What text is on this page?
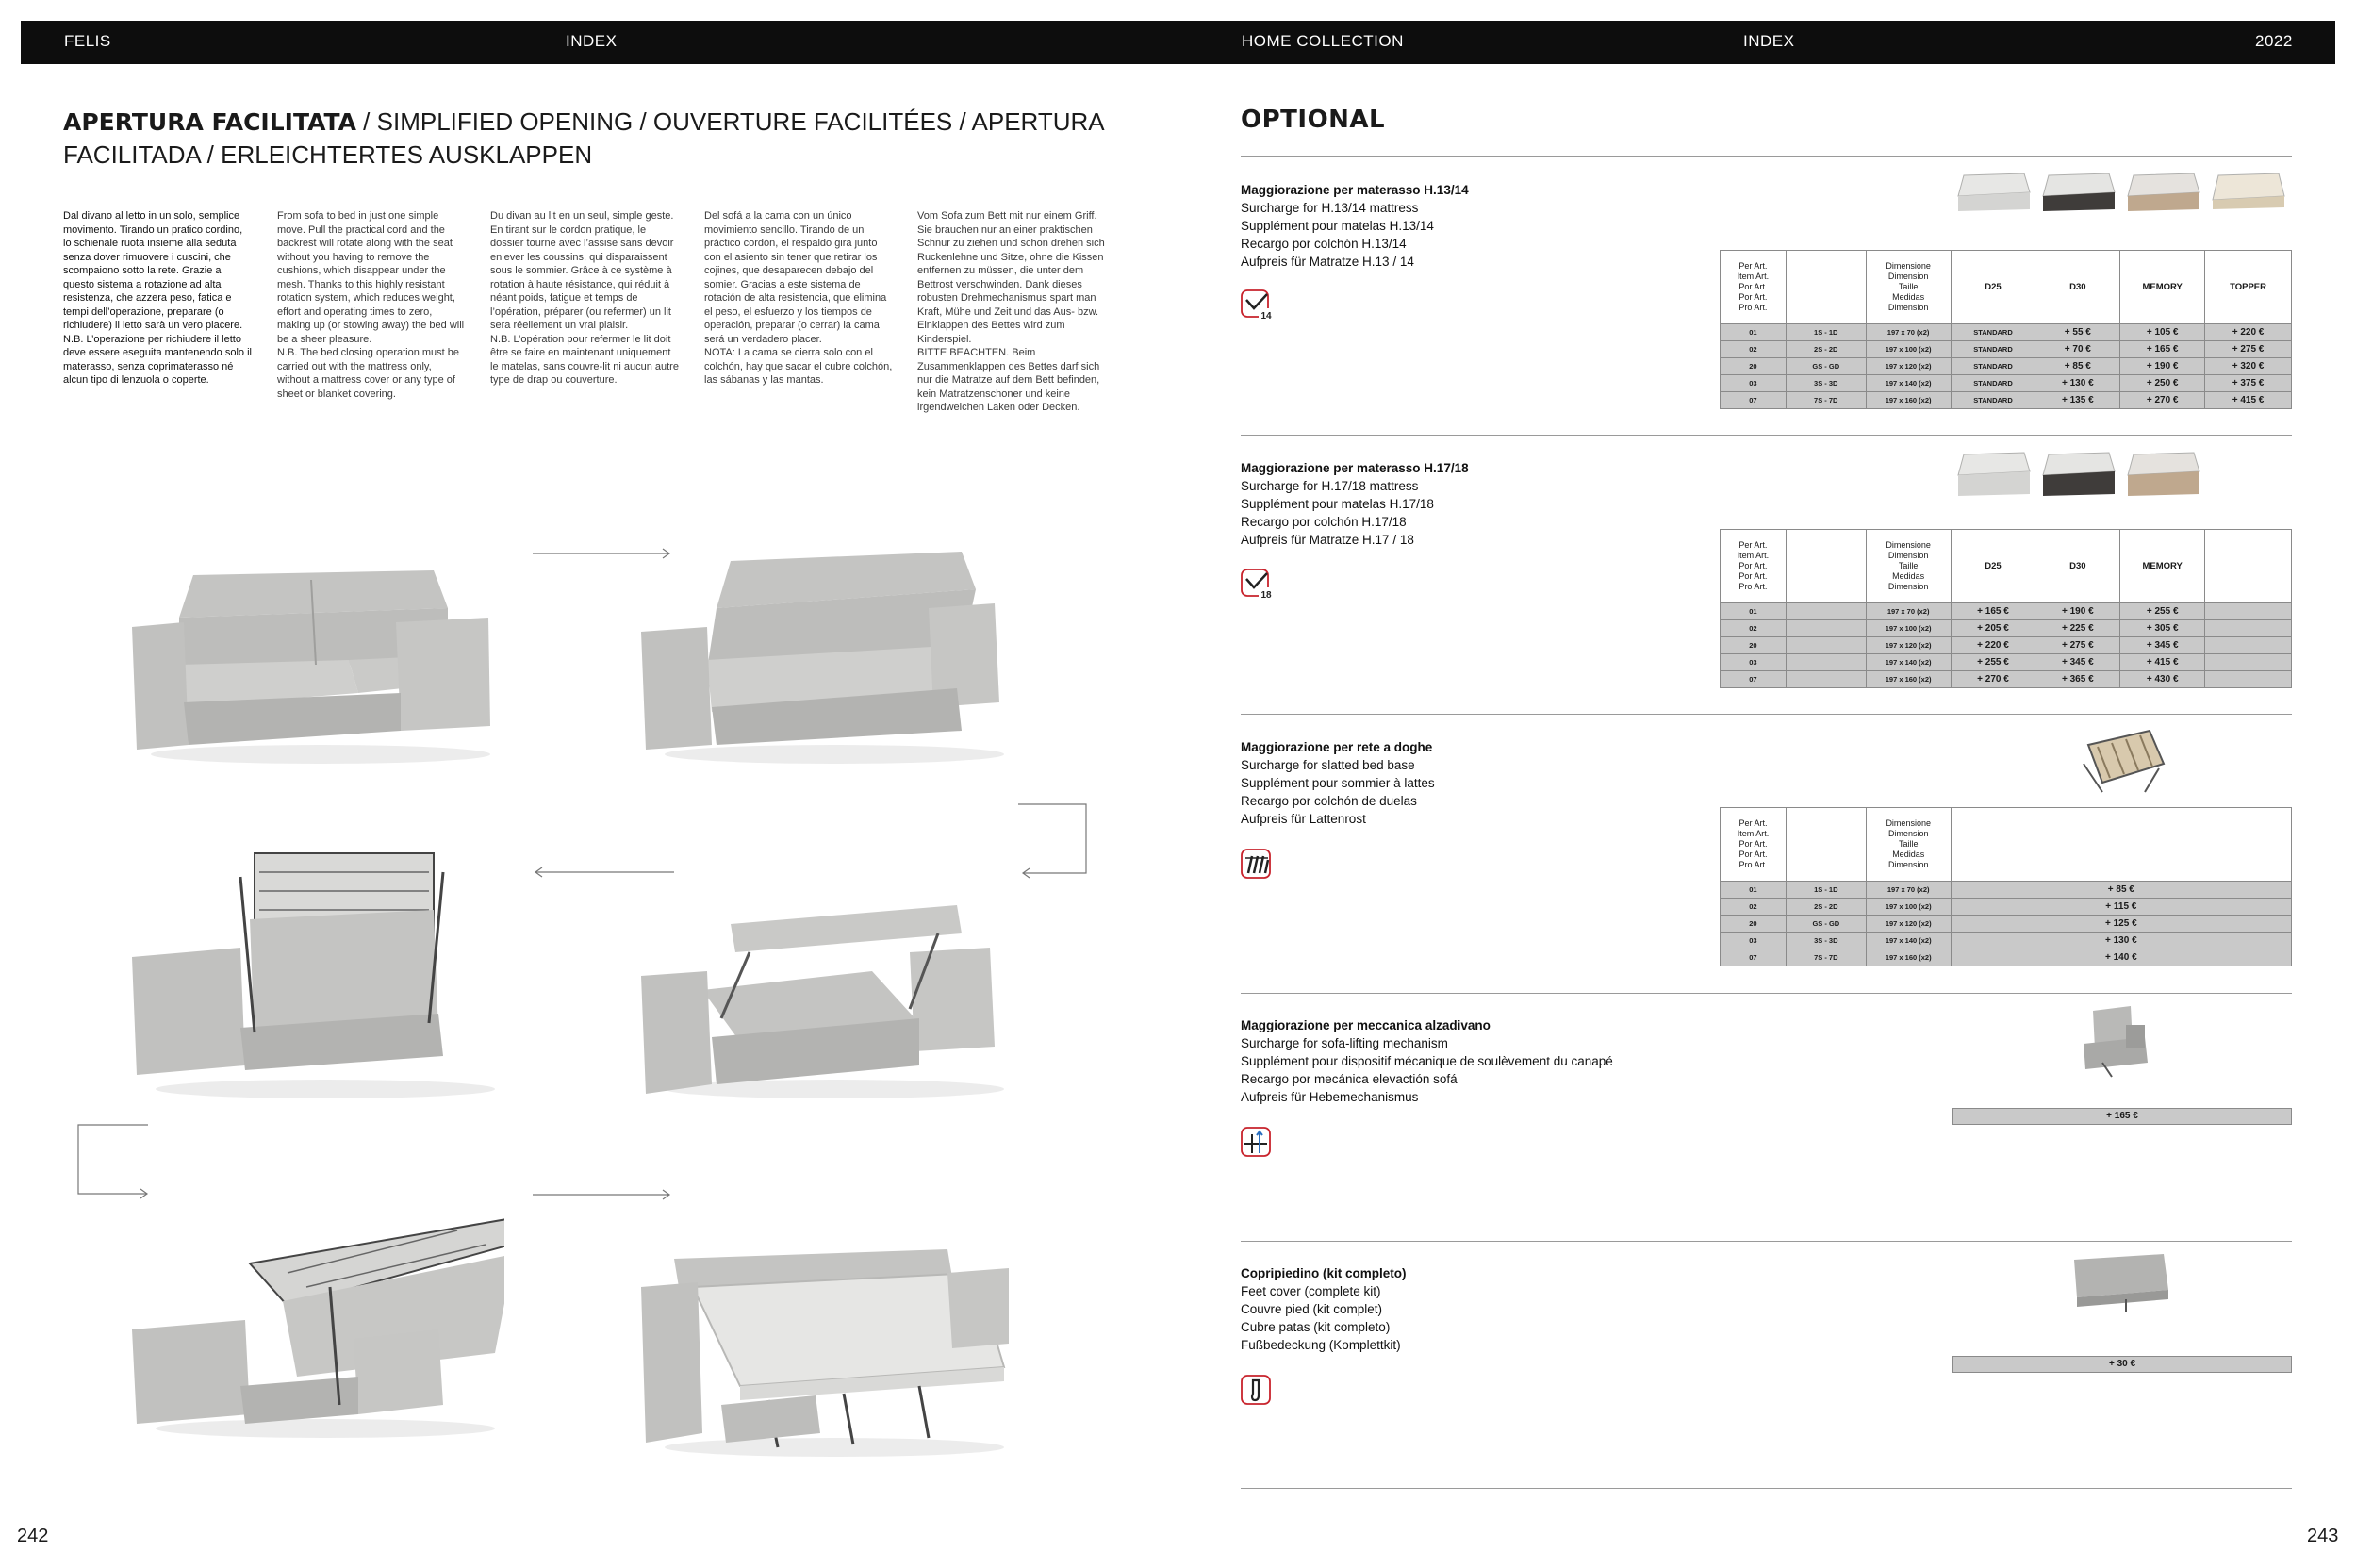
FELIS	INDEX	HOME COLLECTION	INDEX	2022
APERTURA FACILITATA / SIMPLIFIED OPENING / OUVERTURE FACILITÉES / APERTURA FACILITADA / ERLEICHTERTES AUSKLAPPEN
Dal divano al letto in un solo, semplice movimento. Tirando un pratico cordino, lo schienale ruota insieme alla seduta senza dover rimuovere i cuscini, che scompaiono sotto la rete. Grazie a questo sistema a rotazione ad alta resistenza, che azzera peso, fatica e tempi dell’operazione, preparare (o richiudere) il letto sarà un vero piacere.
N.B. L’operazione per richiudere il letto deve essere eseguita mantenendo solo il materasso, senza coprimaterasso né alcun tipo di lenzuola o coperte.
From sofa to bed in just one simple move. Pull the practical cord and the backrest will rotate along with the seat without you having to remove the cushions, which disappear under the mesh. Thanks to this highly resistant rotation system, which reduces weight, effort and operating times to zero, making up (or stowing away) the bed will be a sheer pleasure.
N.B. The bed closing operation must be carried out with the mattress only, without a mattress cover or any type of sheet or blanket covering.
Du divan au lit en un seul, simple geste. En tirant sur le cordon pratique, le dossier tourne avec l’assise sans devoir enlever les coussins, qui disparaissent sous le sommier. Grâce à ce système à rotation à haute résistance, qui réduit à néant poids, fatigue et temps de l’opération, préparer (ou refermer) un lit sera réellement un vrai plaisir.
N.B. L’opération pour refermer le lit doit être se faire en maintenant uniquement le matelas, sans couvre-lit ni aucun autre type de drap ou couverture.
Del sofá a la cama con un único movimiento sencillo. Tirando de un práctico cordón, el respaldo gira junto con el asiento sin tener que retirar los cojines, que desaparecen debajo del somier. Gracias a este sistema de rotación de alta resistencia, que elimina el peso, el esfuerzo y los tiempos de operación, preparar (o cerrar) la cama será un verdadero placer.
NOTA: La cama se cierra solo con el colchón, hay que sacar el cubre colchón, las sábanas y las mantas.
Vom Sofa zum Bett mit nur einem Griff. Sie brauchen nur an einer praktischen Schnur zu ziehen und schon drehen sich Ruckenlehne und Sitze, ohne die Kissen entfernen zu müssen, die unter dem Bettrost verschwinden. Dank dieses robusten Drehmechanismus spart man Kraft, Mühe und Zeit und das Aus- bzw. Einklappen des Bettes wird zum Kinderspiel.
BITTE BEACHTEN. Beim Zusammenklappen des Bettes darf sich nur die Matratze auf dem Bett befinden, kein Matratzenschoner und keine irgendwelchen Laken oder Decken.
242
OPTIONAL

Maggiorazione per materasso H.13/14
Surcharge for H.13/14 mattress
Supplément pour matelas H.13/14
Recargo por colchón H.13/14
Aufpreis für Matratze H.13 / 14

14
Per Art.
Item Art.
Por Art.
Por Art.
Pro Art.		Dimensione
Dimension
Taille
Medidas
Dimension	D25	D30	MEMORY	TOPPER
01	1S - 1D	197 x 70 (x2)	STANDARD	+ 55 €	+ 105 €	+ 220 €
02	2S - 2D	197 x 100 (x2)	STANDARD	+ 70 €	+ 165 €	+ 275 €
20	GS - GD	197 x 120 (x2)	STANDARD	+ 85 €	+ 190 €	+ 320 €
03	3S - 3D	197 x 140 (x2)	STANDARD	+ 130 €	+ 250 €	+ 375 €
07	7S - 7D	197 x 160 (x2)	STANDARD	+ 135 €	+ 270 €	+ 415 €

Maggiorazione per materasso H.17/18
Surcharge for H.17/18 mattress
Supplément pour matelas H.17/18
Recargo por colchón H.17/18
Aufpreis für Matratze H.17 / 18

18
Per Art.
Item Art.
Por Art.
Por Art.
Pro Art.		Dimensione
Dimension
Taille
Medidas
Dimension	D25	D30	MEMORY	
01		197 x 70 (x2)	+ 165 €	+ 190 €	+ 255 €	
02		197 x 100 (x2)	+ 205 €	+ 225 €	+ 305 €	
20		197 x 120 (x2)	+ 220 €	+ 275 €	+ 345 €	
03		197 x 140 (x2)	+ 255 €	+ 345 €	+ 415 €	
07		197 x 160 (x2)	+ 270 €	+ 365 €	+ 430 €	

Maggiorazione per rete a doghe
Surcharge for slatted bed base
Supplément pour sommier à lattes
Recargo por colchón de duelas
Aufpreis für Lattenrost	Per Art.
Item Art.
Por Art.
Por Art.
Pro Art.		Dimensione
Dimension
Taille
Medidas
Dimension	
01	1S - 1D	197 x 70 (x2)	+ 85 €
02	2S - 2D	197 x 100 (x2)	+ 115 €
20	GS - GD	197 x 120 (x2)	+ 125 €
03	3S - 3D	197 x 140 (x2)	+ 130 €
07	7S - 7D	197 x 160 (x2)	+ 140 €

Maggiorazione per meccanica alzadivano
Surcharge for sofa-lifting mechanism
Supplément pour dispositif mécanique de soulèvement du canapé
Recargo por mecánica elevactión sofá
Aufpreis für Hebemechanismus

+ 165 €

Copripiedino (kit completo)
Feet cover (complete kit)
Couvre pied (kit complet)
Cubre patas (kit completo)
Fußbedeckung (Komplettkit)

+ 30 €
243
